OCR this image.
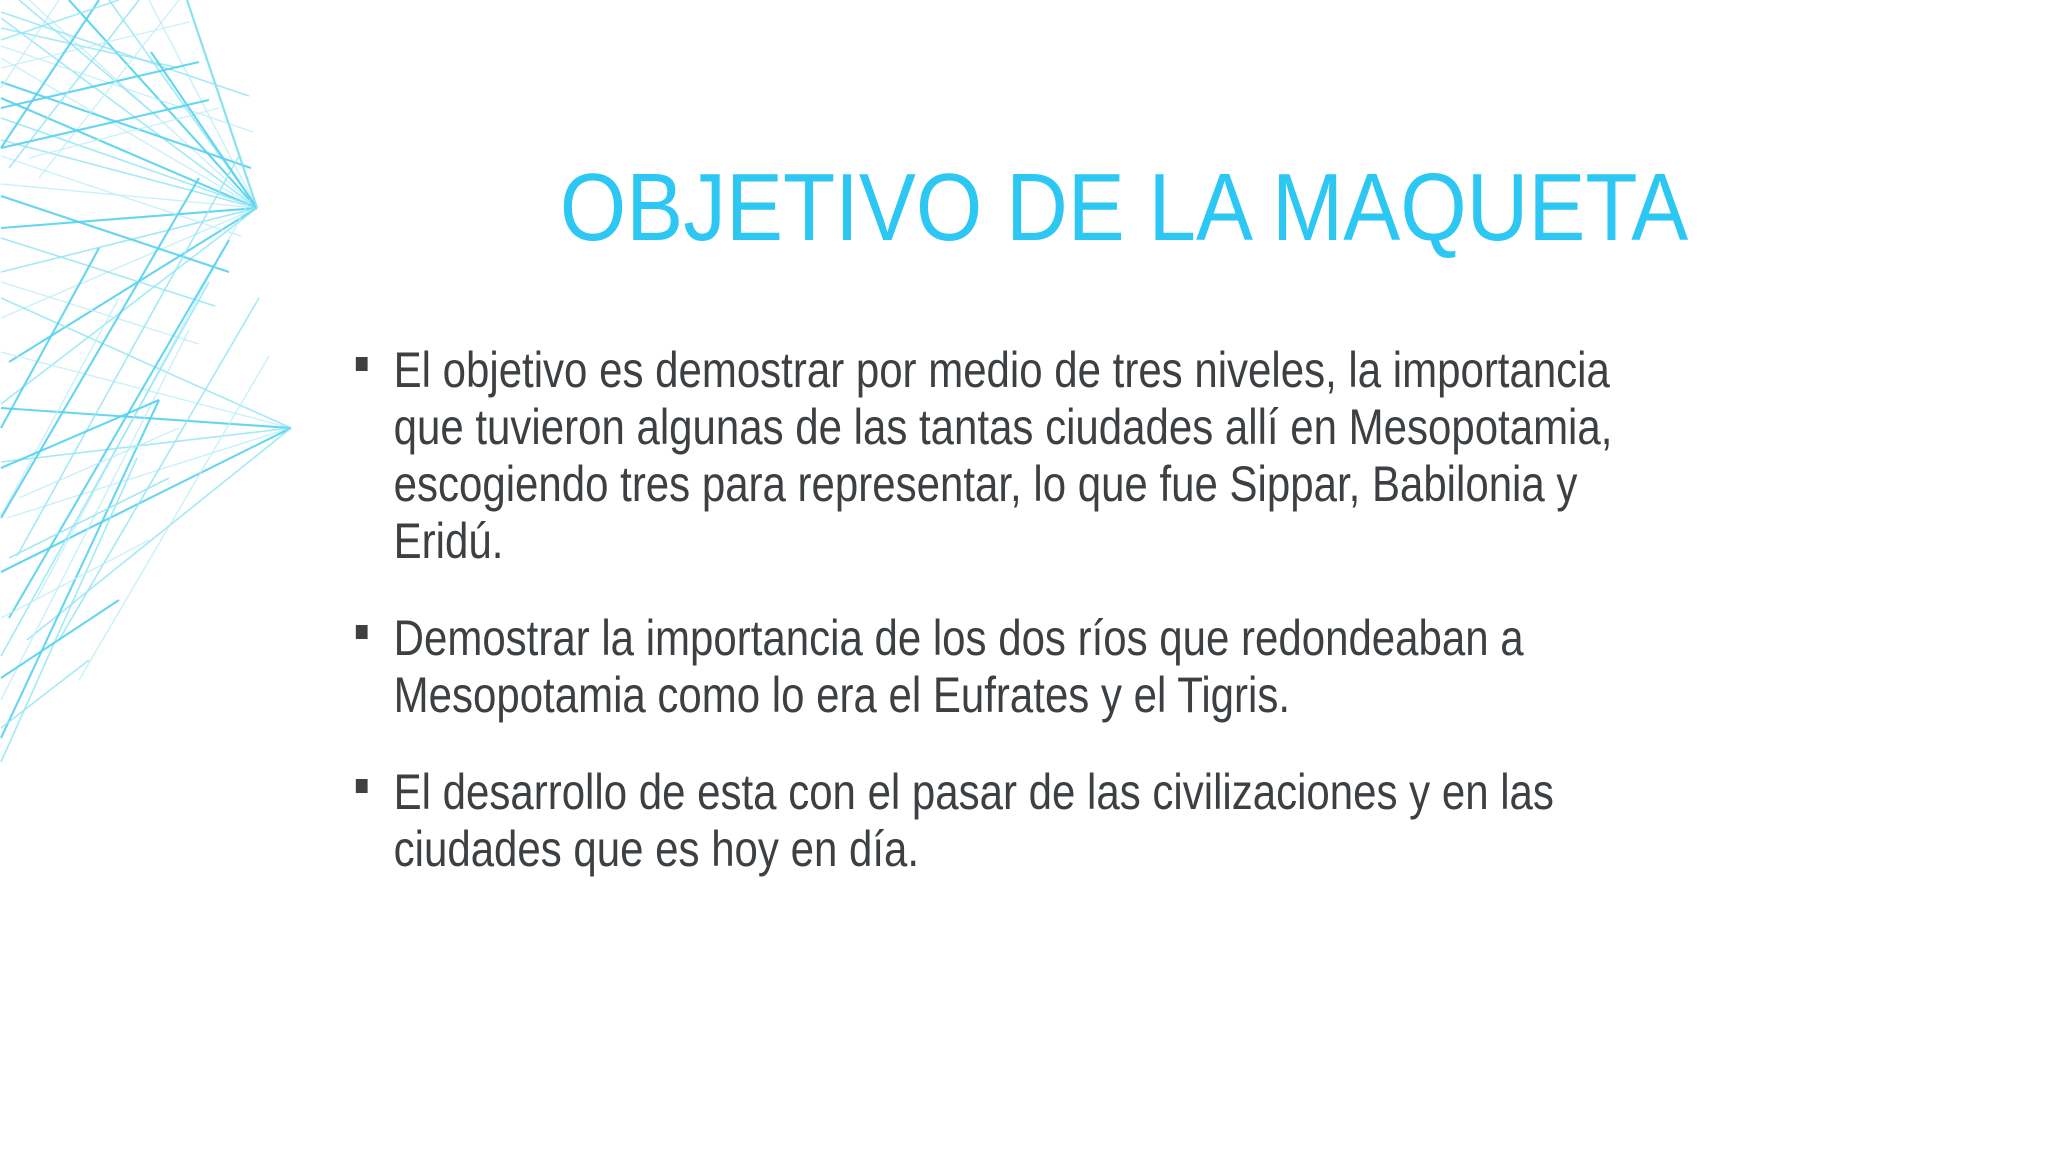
OBJETIVO DE LA MAQUETA
El objetivo es demostrar por medio de tres niveles, la importancia
que tuvieron algunas de las tantas ciudades allí en Mesopotamia,
escogiendo tres para representar, lo que fue Sippar, Babilonia y
Eridú.
Demostrar la importancia de los dos ríos que redondeaban a
Mesopotamia como lo era el Eufrates y el Tigris.
El desarrollo de esta con el pasar de las civilizaciones y en las
ciudades que es hoy en día.
